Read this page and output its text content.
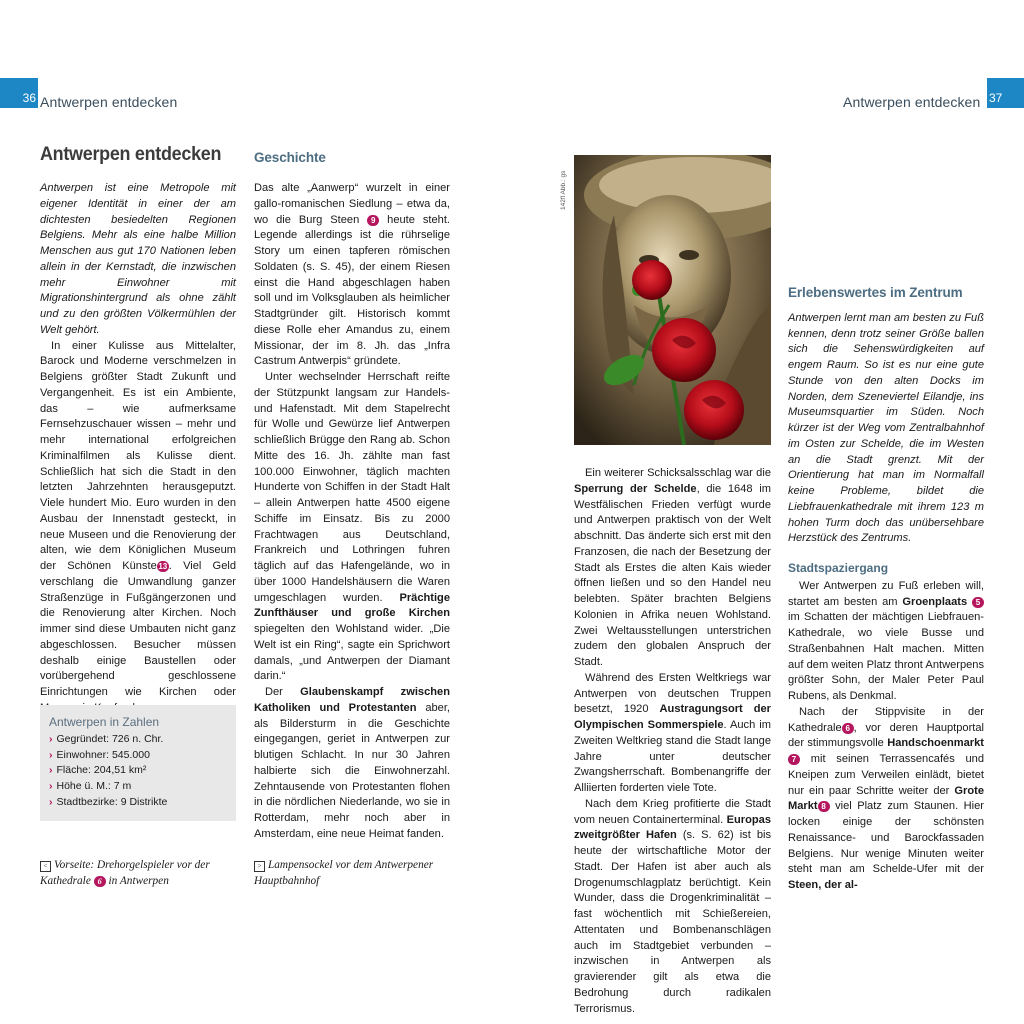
36 Antwerpen entdecken	Antwerpen entdecken 37
Antwerpen entdecken

Antwerpen ist eine Metropole mit eigener Identität in einer der am dichtesten besiedelten Regionen Belgiens. Mehr als eine halbe Million Menschen aus gut 170 Nationen leben allein in der Kernstadt, die inzwischen mehr Einwohner mit Migrationshintergrund als ohne zählt und zu den größten Völkermühlen der Welt gehört.

In einer Kulisse aus Mittelalter, Barock und Moderne verschmelzen in Belgiens größter Stadt Zukunft und Vergangenheit. Es ist ein Ambiente, das – wie aufmerksame Fernsehzuschauer wissen – mehr und mehr international erfolgreichen Kriminalfilmen als Kulisse dient. Schließlich hat sich die Stadt in den letzten Jahrzehnten herausgeputzt. Viele hundert Mio. Euro wurden in den Ausbau der Innenstadt gesteckt, in neue Museen und die Renovierung der alten, wie dem Königlichen Museum der Schönen Künste 13 . Viel Geld verschlang die Umwandlung ganzer Straßenzüge in Fußgängerzonen und die Renovierung alter Kirchen. Noch immer sind diese Umbauten nicht ganz abgeschlossen. Besucher müssen deshalb einige Baustellen oder vorübergehend geschlossene Einrichtungen wie Kirchen oder

Antwerpen in Zahlen
› Gegründet: 726 n. Chr.
› Einwohner: 545.000
› Fläche: 204,51 km²
› Höhe ü. M.: 7 m
› Stadtbezirke: 9 Distrikte
< Vorseite: Drehorgelspieler vor der Kathedrale 6 in Antwerpen
> Lampensockel vor dem Antwerpener Hauptbahnhof
Geschichte

Das alte „Aanwerp“ wurzelt in einer gallo-romanischen Siedlung – etwa da, wo die Burg Steen 9 heute steht. Legende allerdings ist die rührselige Story um einen tapferen römischen Soldaten (s. S. 45), der einem Riesen einst die Hand abgeschlagen haben soll und im Volksglauben als heimlicher Stadtgründer gilt. Historisch kommt diese Rolle eher Amandus zu, einem Missionar, der im 8. Jh. das „Infra Castrum Antwerpis“ gründete.

Unter wechselnder Herrschaft reifte der Stützpunkt langsam zur Handels- und Hafenstadt. Mit dem Stapelrecht für Wolle und Gewürze lief Antwerpen schließlich Brügge den Rang ab. Schon Mitte des 16. Jh. zählte man fast 100.000 Einwohner, täglich machten Hunderte von Schiffen in der Stadt Halt – allein Antwerpen hatte 4500 eigene Schiffe im Einsatz. Bis zu 2000 Frachtwagen aus Deutschland, Frankreich und Lothringen fuhren täglich auf das Hafengelände, wo in über 1000 Handelshäusern die Waren umgeschlagen wurden. Prächtige Zunfthäuser und große Kirchen spiegelten den Wohlstand wider. „Die Welt ist ein Ring“, sagte ein Sprichwort damals, „und Antwerpen der Diamant darin.“

Der Glaubenskampf zwischen Katholiken und Protestanten aber, als Bildersturm in die Geschichte eingegangen, geriet in Antwerpen zur blutigen Schlacht. In nur 30 Jahren halbierte sich die Einwohnerzahl. Zehntausende von Protestanten flohen in die nördlichen Niederlande, wo sie in Rotterdam, mehr noch aber in Amsterdam, eine neue Heimat fanden.

142fl Abb.: gs

Ein weiterer Schicksalsschlag war die Sperrung der Schelde, die 1648 im Westfälischen Frieden verfügt wurde und Antwerpen praktisch von der Welt abschnitt. Das änderte sich erst mit den Franzosen, die nach der Besetzung der Stadt als Erstes die alten Kais wieder öffnen ließen und so den Handel neu belebten. Später brachten Belgiens Kolonien in Afrika neuen Wohlstand. Zwei Weltausstellungen unterstrichen zudem den globalen Anspruch der Stadt.

Während des Ersten Weltkriegs war Antwerpen von deutschen Truppen besetzt, 1920 Austragungsort der Olympischen Sommerspiele. Auch im Zweiten Weltkrieg stand die Stadt lange Jahre unter deutscher Zwangsherrschaft. Bombenangriffe der Alliierten forderten viele Tote.

Nach dem Krieg profitierte die Stadt vom neuen Containerterminal. Europas zweitgrößter Hafen (s. S. 62) ist bis heute der wirtschaftliche Motor der Stadt. Der Hafen ist aber auch als Drogenumschlagplatz berüchtigt. Kein Wunder, dass die Drogenkriminalität – fast wöchentlich mit Schießereien, Attentaten und Bombenanschlägen auch im Stadtgebiet verbunden – inzwischen in Antwerpen als gravierender gilt als etwa die Bedrohung durch radikalen Terrorismus.

Erlebenswertes im Zentrum

Antwerpen lernt man am besten zu Fuß kennen, denn trotz seiner Größe ballen sich die Sehenswürdigkeiten auf engem Raum. So ist es nur eine gute Stunde von den alten Docks im Norden, dem Szeneviertel Eilandje, ins Museumsquartier im Süden. Noch kürzer ist der Weg vom Zentralbahnhof im Osten zur Schelde, die im Westen an die Stadt grenzt. Mit der Orientierung hat man im Normalfall keine Probleme, bildet die Liebfrauenkathedrale mit ihrem 123 m hohen Turm doch das unübersehbare Herzstück des Zentrums.

Stadtspaziergang

Wer Antwerpen zu Fuß erleben will, startet am besten am Groenplaats 5 im Schatten der mächtigen Liebfrauen-Kathedrale, wo viele Busse und Straßenbahnen Halt machen. Mitten auf dem weiten Platz thront Antwerpens größter Sohn, der Maler Peter Paul Rubens, als Denkmal.

Nach der Stippvisite in der Kathedrale 6 , vor deren Hauptportal der stimmungsvolle Handschoenmarkt7 mit seinen Terrassencafés und Kneipen zum Verweilen einlädt, bietet nur ein paar Schritte weiter der Grote Markt 8 viel Platz zum Staunen. Hier locken einige der schönsten Renaissance- und Barockfassaden Belgiens. Nur wenige Minuten weiter steht man am Schelde-Ufer mit der Steen, der al-
